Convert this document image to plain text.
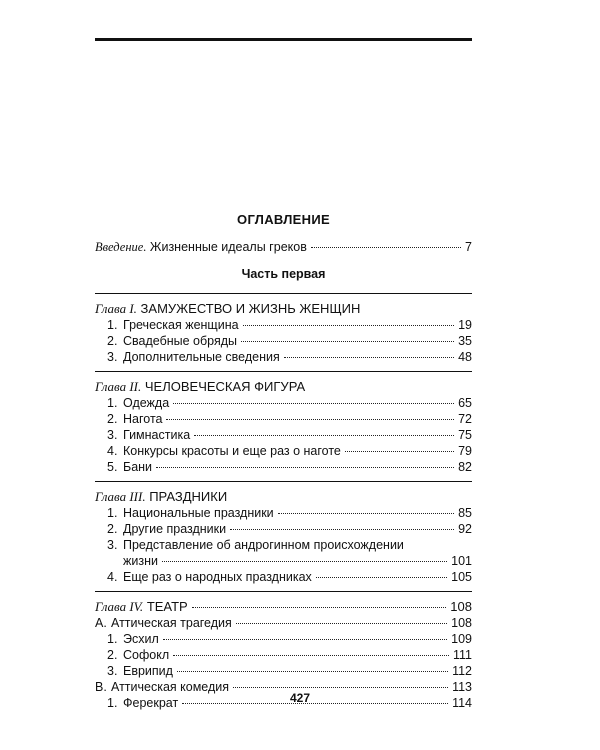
ОГЛАВЛЕНИЕ
Введение. Жизненные идеалы греков	7
Часть первая
Глава I. ЗАМУЖЕСТВО И ЖИЗНЬ ЖЕНЩИН
1. Греческая женщина	19
2. Свадебные обряды	35
3. Дополнительные сведения	48
Глава II. ЧЕЛОВЕЧЕСКАЯ ФИГУРА
1. Одежда	65
2. Нагота	72
3. Гимнастика	75
4. Конкурсы красоты и еще раз о наготе	79
5. Бани	82
Глава III. ПРАЗДНИКИ
1. Национальные праздники	85
2. Другие праздники	92
3. Представление об андрогинном происхождении
жизни	101
4. Еще раз о народных праздниках	105
Глава IV. ТЕАТР	108
А. Аттическая трагедия	108
1. Эсхил	109
2. Софокл	111
3. Еврипид	112
В. Аттическая комедия	113
1. Ферекрат	114
427
